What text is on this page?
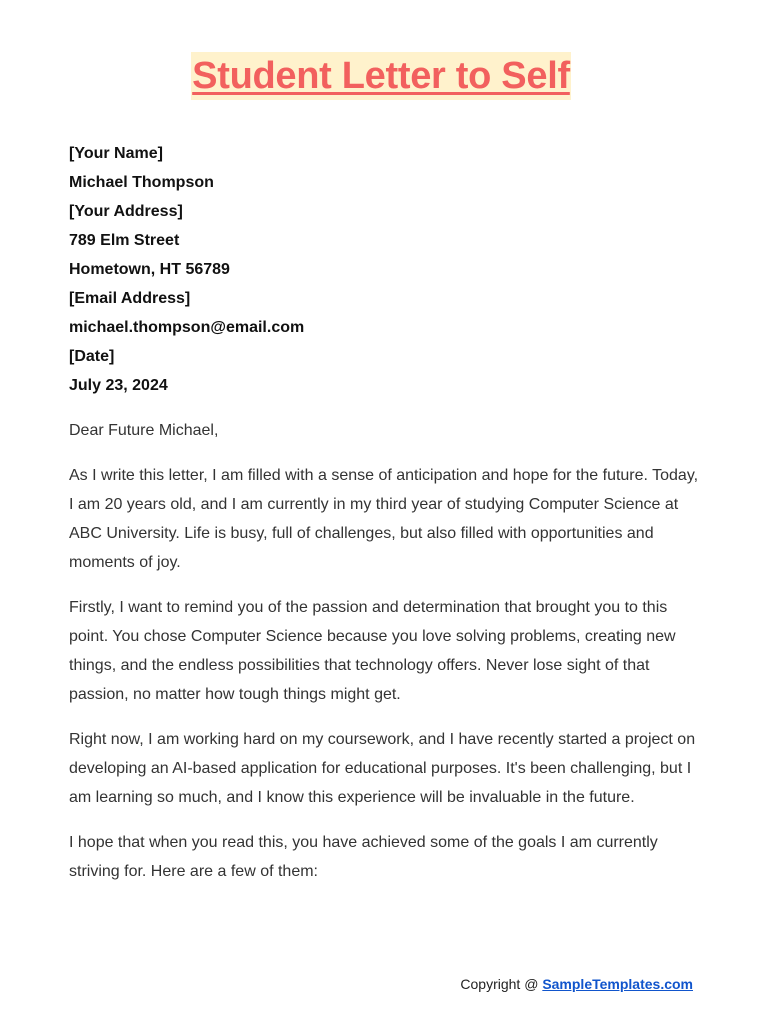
Student Letter to Self
[Your Name]
Michael Thompson
[Your Address]
789 Elm Street
Hometown, HT 56789
[Email Address]
michael.thompson@email.com
[Date]
July 23, 2024

Dear Future Michael,

As I write this letter, I am filled with a sense of anticipation and hope for the future. Today, I am 20 years old, and I am currently in my third year of studying Computer Science at ABC University. Life is busy, full of challenges, but also filled with opportunities and moments of joy.

Firstly, I want to remind you of the passion and determination that brought you to this point. You chose Computer Science because you love solving problems, creating new things, and the endless possibilities that technology offers. Never lose sight of that passion, no matter how tough things might get.

Right now, I am working hard on my coursework, and I have recently started a project on developing an AI-based application for educational purposes. It's been challenging, but I am learning so much, and I know this experience will be invaluable in the future.

I hope that when you read this, you have achieved some of the goals I am currently striving for. Here are a few of them:

Copyright @ SampleTemplates.com
